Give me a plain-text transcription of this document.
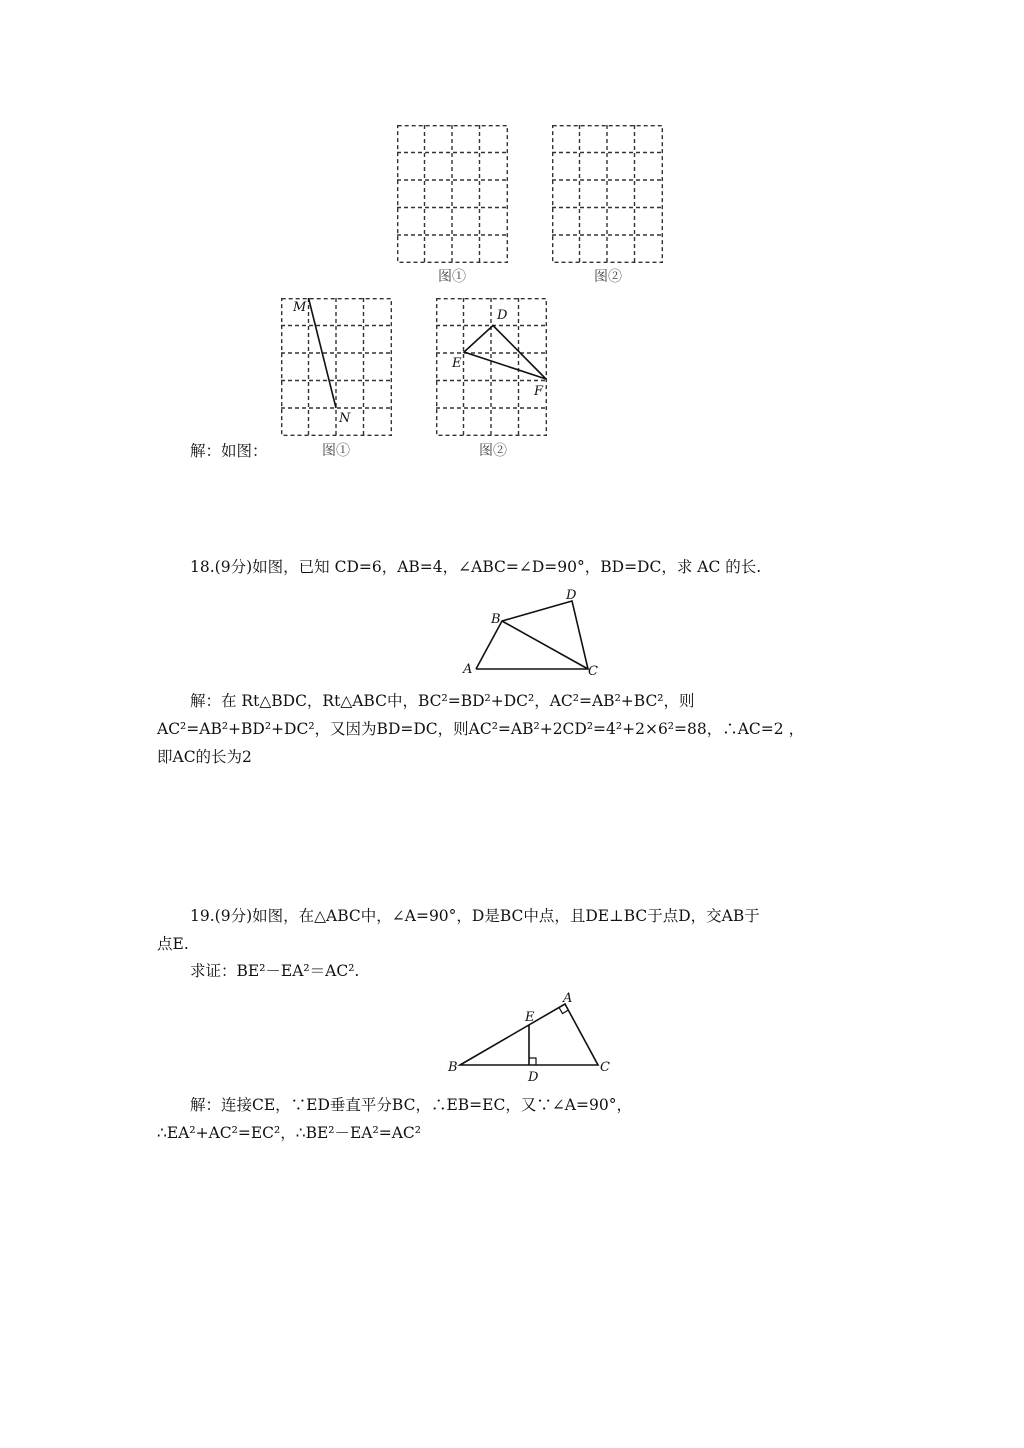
图①	图②
解：如图：
M
N
图①
D
E
F
图②
18.(9分)如图，已知 CD=6，AB=4，∠ABC=∠D=90°，BD=DC，求 AC 的长.
A
B
D
C
解：在 Rt△BDC，Rt△ABC中，BC²=BD²+DC²，AC²=AB²+BC²，则
AC²=AB²+BD²+DC²，又因为BD=DC，则AC²=AB²+2CD²=4²+2×6²=88，∴AC=2 ，
即AC的长为2
19.(9分)如图，在△ABC中，∠A=90°，D是BC中点，且DE⊥BC于点D，交AB于
点E.
求证：BE²－EA²＝AC².
B
E
A
D
C
解：连接CE，∵ED垂直平分BC，∴EB=EC，又∵∠A=90°，
∴EA²+AC²=EC²，∴BE²－EA²=AC²
